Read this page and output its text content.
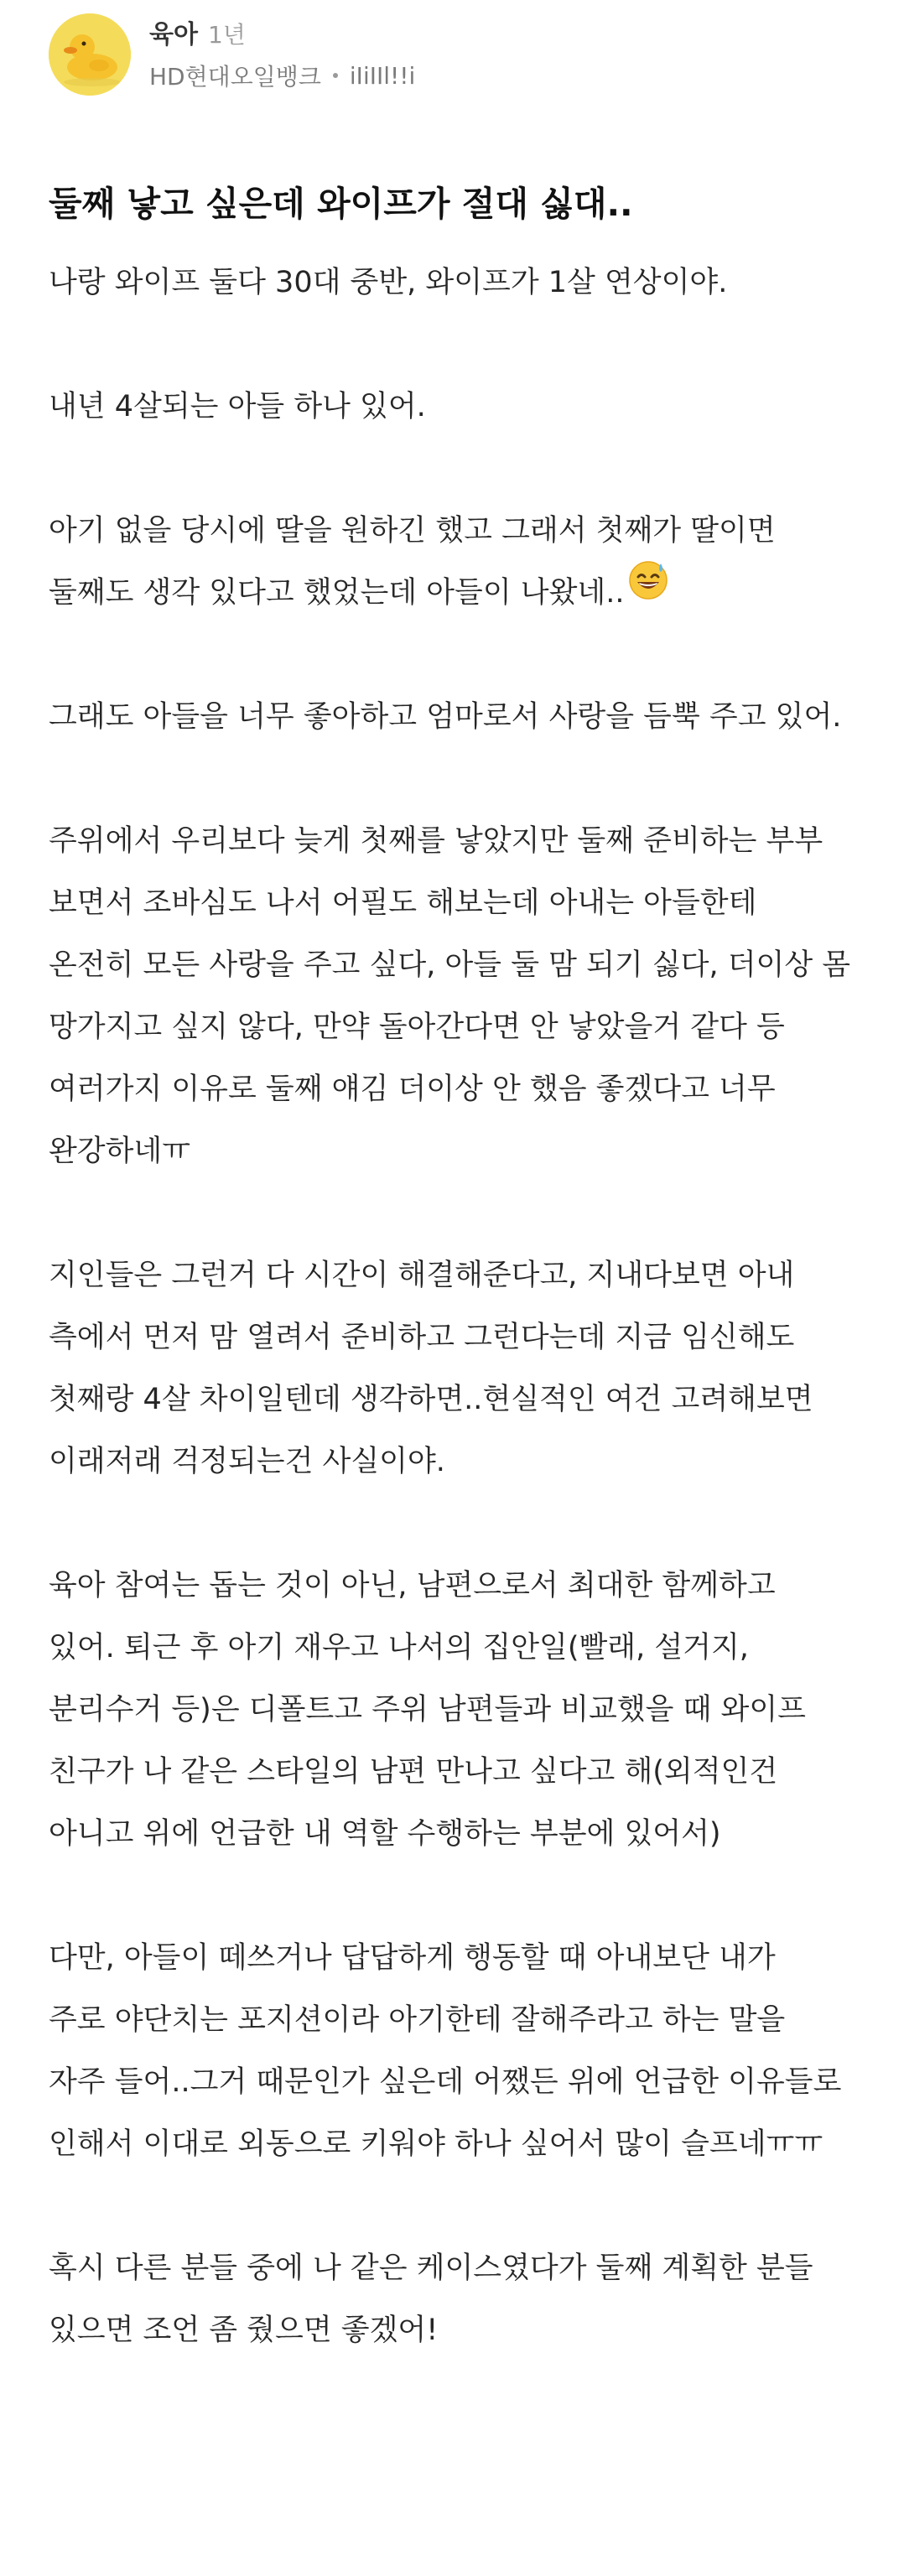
육아 1년
HD현대오일뱅크 iIiIIl!!i
둘째 낳고 싶은데 와이프가 절대 싫대..
나랑 와이프 둘다 30대 중반, 와이프가 1살 연상이야.
내년 4살되는 아들 하나 있어.
아기 없을 당시에 딸을 원하긴 했고 그래서 첫째가 딸이면
둘째도 생각 있다고 했었는데 아들이 나왔네..
그래도 아들을 너무 좋아하고 엄마로서 사랑을 듬뿍 주고 있어.
주위에서 우리보다 늦게 첫째를 낳았지만 둘째 준비하는 부부
보면서 조바심도 나서 어필도 해보는데 아내는 아들한테
온전히 모든 사랑을 주고 싶다, 아들 둘 맘 되기 싫다, 더이상 몸
망가지고 싶지 않다, 만약 돌아간다면 안 낳았을거 같다 등
여러가지 이유로 둘째 얘김 더이상 안 했음 좋겠다고 너무
완강하네ㅠ
지인들은 그런거 다 시간이 해결해준다고, 지내다보면 아내
측에서 먼저 맘 열려서 준비하고 그런다는데 지금 임신해도
첫째랑 4살 차이일텐데 생각하면..현실적인 여건 고려해보면
이래저래 걱정되는건 사실이야.
육아 참여는 돕는 것이 아닌, 남편으로서 최대한 함께하고
있어. 퇴근 후 아기 재우고 나서의 집안일(빨래, 설거지,
분리수거 등)은 디폴트고 주위 남편들과 비교했을 때 와이프
친구가 나 같은 스타일의 남편 만나고 싶다고 해(외적인건
아니고 위에 언급한 내 역할 수행하는 부분에 있어서)
다만, 아들이 떼쓰거나 답답하게 행동할 때 아내보단 내가
주로 야단치는 포지션이라 아기한테 잘해주라고 하는 말을
자주 들어..그거 때문인가 싶은데 어쨌든 위에 언급한 이유들로
인해서 이대로 외동으로 키워야 하나 싶어서 많이 슬프네ㅠㅠ
혹시 다른 분들 중에 나 같은 케이스였다가 둘째 계획한 분들
있으면 조언 좀 줬으면 좋겠어!
